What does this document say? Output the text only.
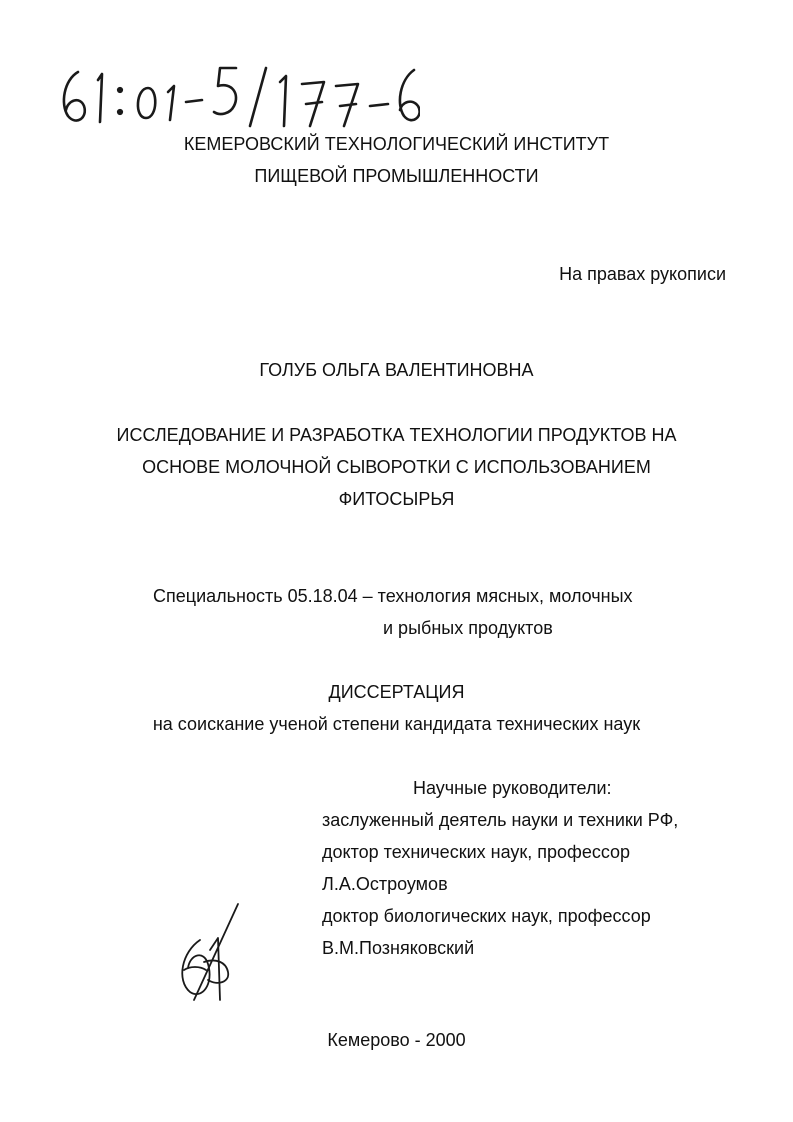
КЕМЕРОВСКИЙ ТЕХНОЛОГИЧЕСКИЙ ИНСТИТУТ
ПИЩЕВОЙ ПРОМЫШЛЕННОСТИ
На правах рукописи
ГОЛУБ ОЛЬГА ВАЛЕНТИНОВНА
ИССЛЕДОВАНИЕ И РАЗРАБОТКА ТЕХНОЛОГИИ ПРОДУКТОВ НА
ОСНОВЕ МОЛОЧНОЙ СЫВОРОТКИ С ИСПОЛЬЗОВАНИЕМ
ФИТОСЫРЬЯ
Специальность 05.18.04 – технология мясных, молочных
и рыбных продуктов
ДИССЕРТАЦИЯ
на соискание ученой степени кандидата технических наук
Научные руководители:
заслуженный деятель науки и техники РФ,
доктор технических наук, профессор
Л.А.Остроумов
доктор биологических наук, профессор
В.М.Позняковский
Кемерово - 2000
